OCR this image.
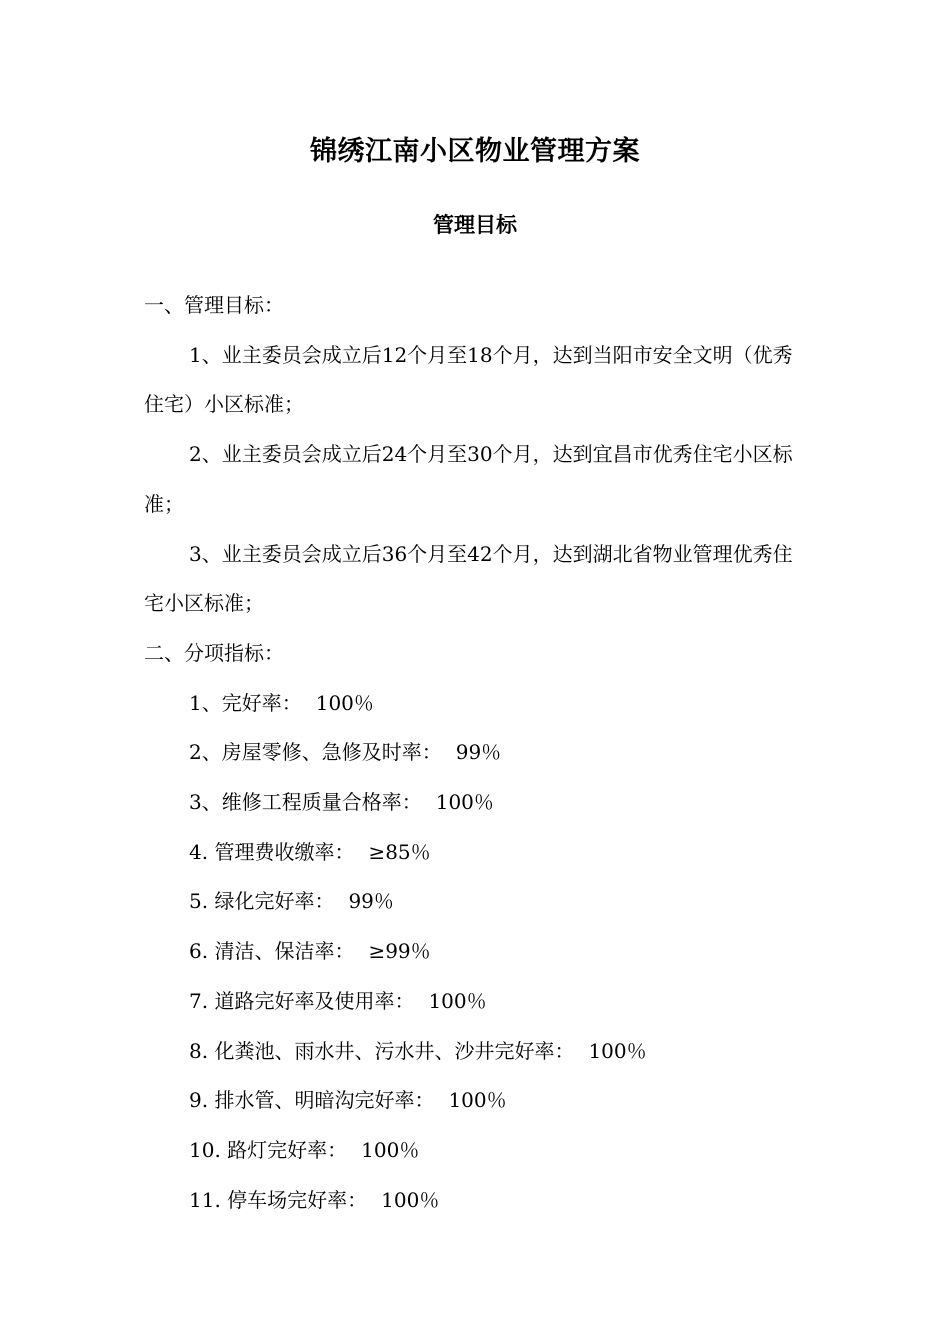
锦绣江南小区物业管理方案
管理目标

一、管理目标：

1、业主委员会成立后12个月至18个月，达到当阳市安全文明（优秀住宅）小区标准；

2、业主委员会成立后24个月至30个月，达到宜昌市优秀住宅小区标准；

3、业主委员会成立后36个月至42个月，达到湖北省物业管理优秀住宅小区标准；

二、分项指标：

1、完好率： 100％

2、房屋零修、急修及时率： 99％

3、维修工程质量合格率： 100％

4. 管理费收缴率： ≥85％

5. 绿化完好率： 99％

6. 清洁、保洁率： ≥99％

7. 道路完好率及使用率： 100％

8. 化粪池、雨水井、污水井、沙井完好率： 100％

9. 排水管、明暗沟完好率： 100％

10. 路灯完好率： 100％

11. 停车场完好率： 100％
